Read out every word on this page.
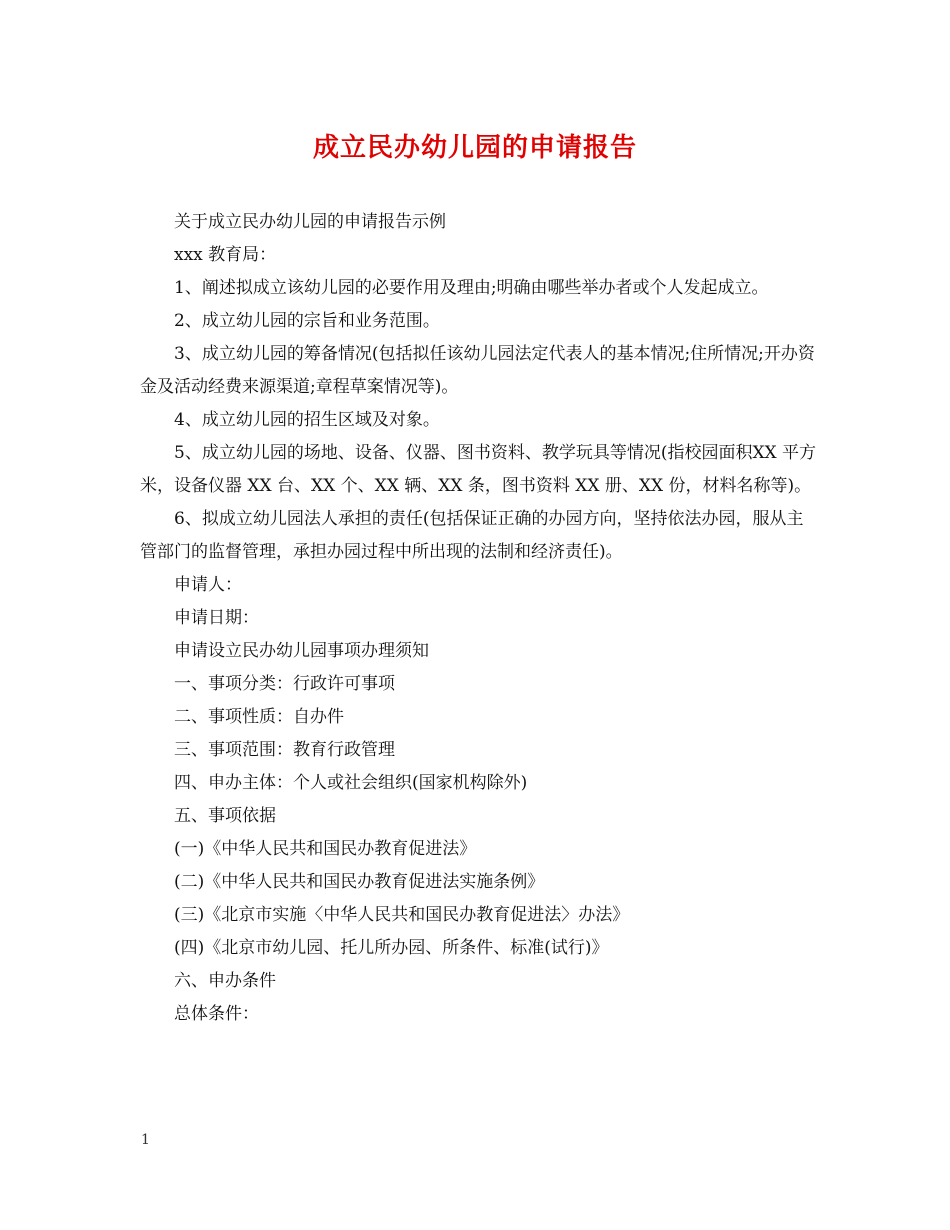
成立民办幼儿园的申请报告

关于成立民办幼儿园的申请报告示例

xxx 教育局：

1、阐述拟成立该幼儿园的必要作用及理由;明确由哪些举办者或个人发起成立。

2、成立幼儿园的宗旨和业务范围。

3、成立幼儿园的筹备情况(包括拟任该幼儿园法定代表人的基本情况;住所情况;开办资金及活动经费来源渠道;章程草案情况等)。

4、成立幼儿园的招生区域及对象。

5、成立幼儿园的场地、设备、仪器、图书资料、教学玩具等情况(指校园面积XX 平方米，设备仪器 XX 台、XX 个、XX 辆、XX 条，图书资料 XX 册、XX 份，材料名称等)。

6、拟成立幼儿园法人承担的责任(包括保证正确的办园方向，坚持依法办园，服从主管部门的监督管理，承担办园过程中所出现的法制和经济责任)。

申请人：

申请日期：

申请设立民办幼儿园事项办理须知

一、事项分类：行政许可事项

二、事项性质：自办件

三、事项范围：教育行政管理

四、申办主体：个人或社会组织(国家机构除外)

五、事项依据

(一)《中华人民共和国民办教育促进法》

(二)《中华人民共和国民办教育促进法实施条例》

(三)《北京市实施〈中华人民共和国民办教育促进法〉办法》

(四)《北京市幼儿园、托儿所办园、所条件、标准(试行)》

六、申办条件

总体条件：

1
